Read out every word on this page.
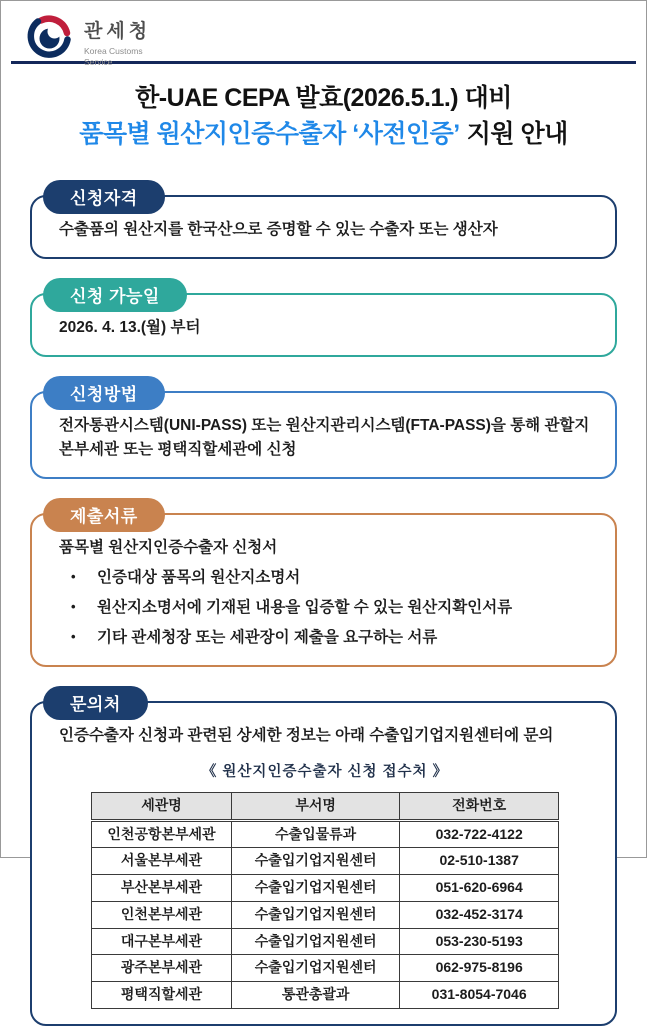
관세청
Korea Customs
Service
한-UAE CEPA 발효(2026.5.1.) 대비
품목별 원산지인증수출자 ‘사전인증’ 지원 안내
신청자격
수출품의 원산지를 한국산으로 증명할 수 있는 수출자 또는 생산자
신청 가능일
2026. 4. 13.(월) 부터
신청방법
전자통관시스템(UNI-PASS) 또는 원산지관리시스템(FTA-PASS)을 통해 관할지 본부세관 또는 평택직할세관에 신청
제출서류
품목별 원산지인증수출자 신청서
•	인증대상 품목의 원산지소명서
•	원산지소명서에 기재된 내용을 입증할 수 있는 원산지확인서류
•	기타 관세청장 또는 세관장이 제출을 요구하는 서류
문의처
인증수출자 신청과 관련된 상세한 정보는 아래 수출입기업지원센터에 문의
《 원산지인증수출자 신청 접수처 》
세관명	부서명	전화번호
인천공항본부세관	수출입물류과	032-722-4122
서울본부세관	수출입기업지원센터	02-510-1387
부산본부세관	수출입기업지원센터	051-620-6964
인천본부세관	수출입기업지원센터	032-452-3174
대구본부세관	수출입기업지원센터	053-230-5193
광주본부세관	수출입기업지원센터	062-975-8196
평택직할세관	통관총괄과	031-8054-7046
